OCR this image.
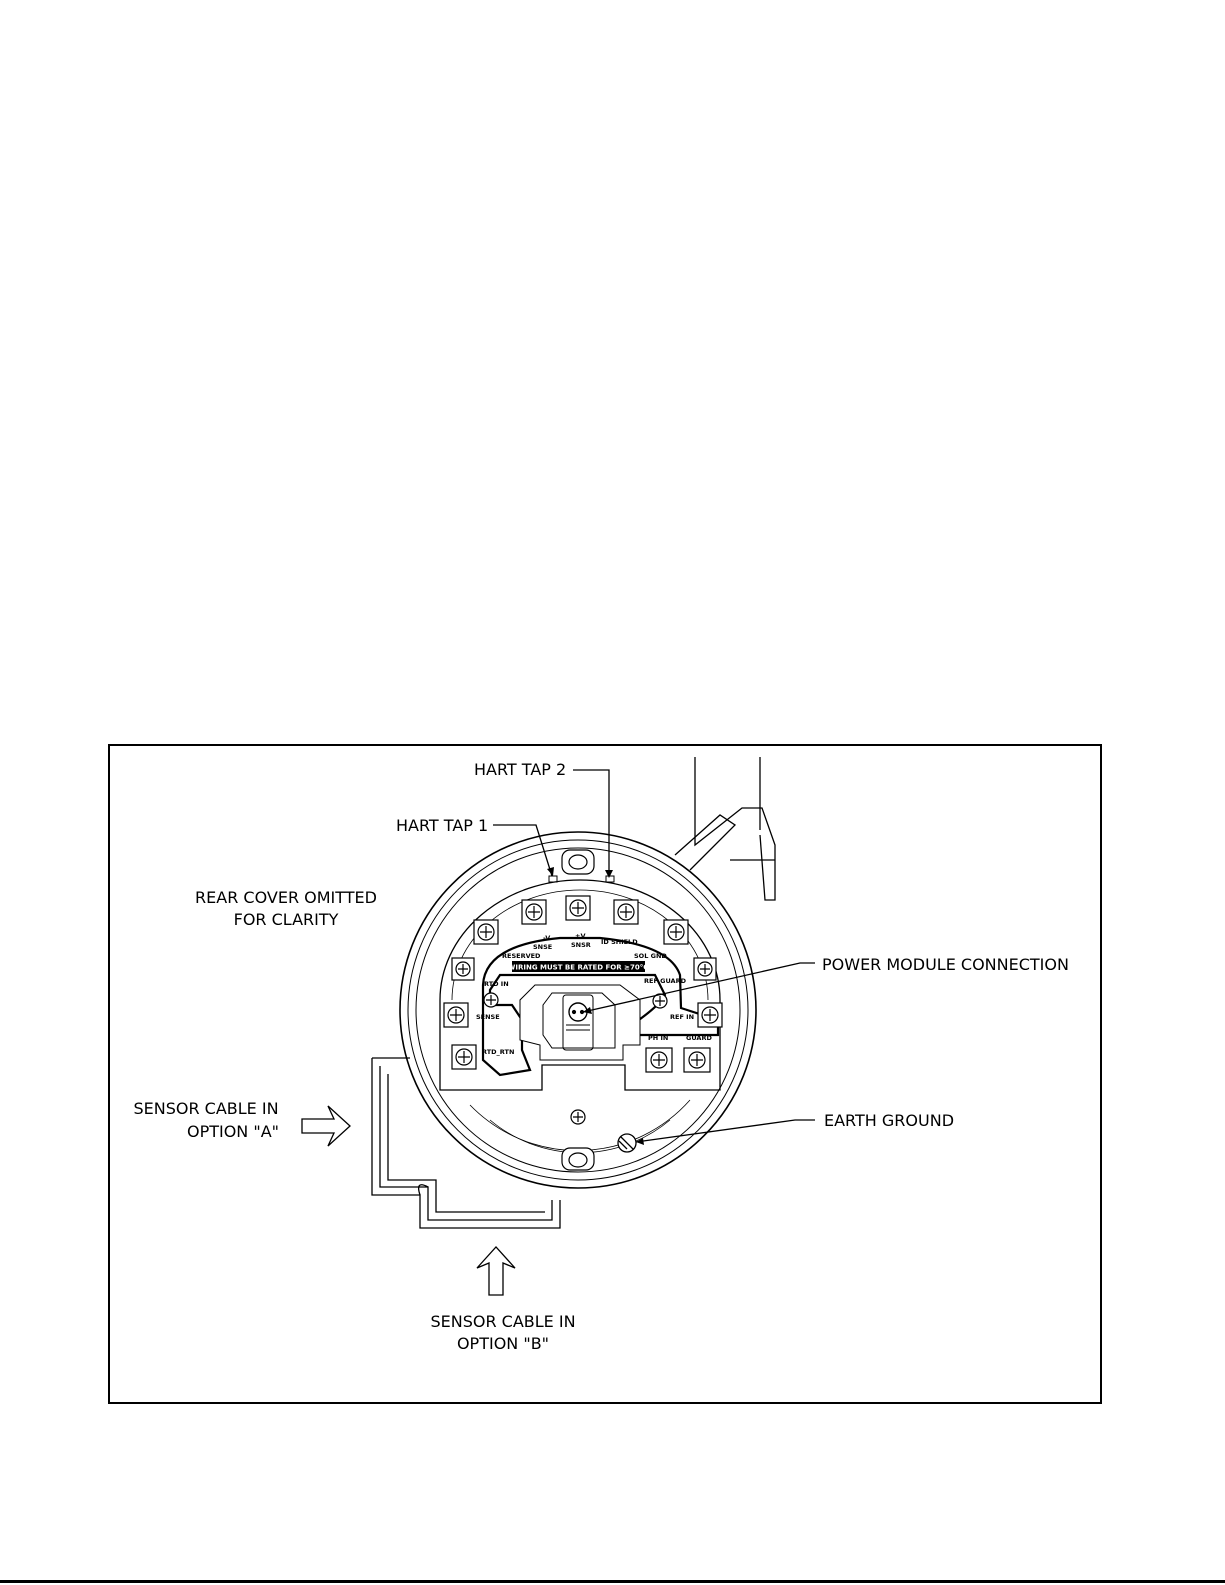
RESERVED
-V
SNSE
+V
SNSR ID SHIELD
SOL GND
WIRING MUST BE RATED FOR ≥70°C
RTD IN	REF GUARD
SENSE	REF IN
RTD_RTN
PH IN	GUARD
HART TAP 2
HART TAP 1
REAR COVER OMITTED
FOR CLARITY
POWER MODULE CONNECTION
SENSOR CABLE IN
OPTION "A"
EARTH GROUND
SENSOR CABLE IN
OPTION "B"
